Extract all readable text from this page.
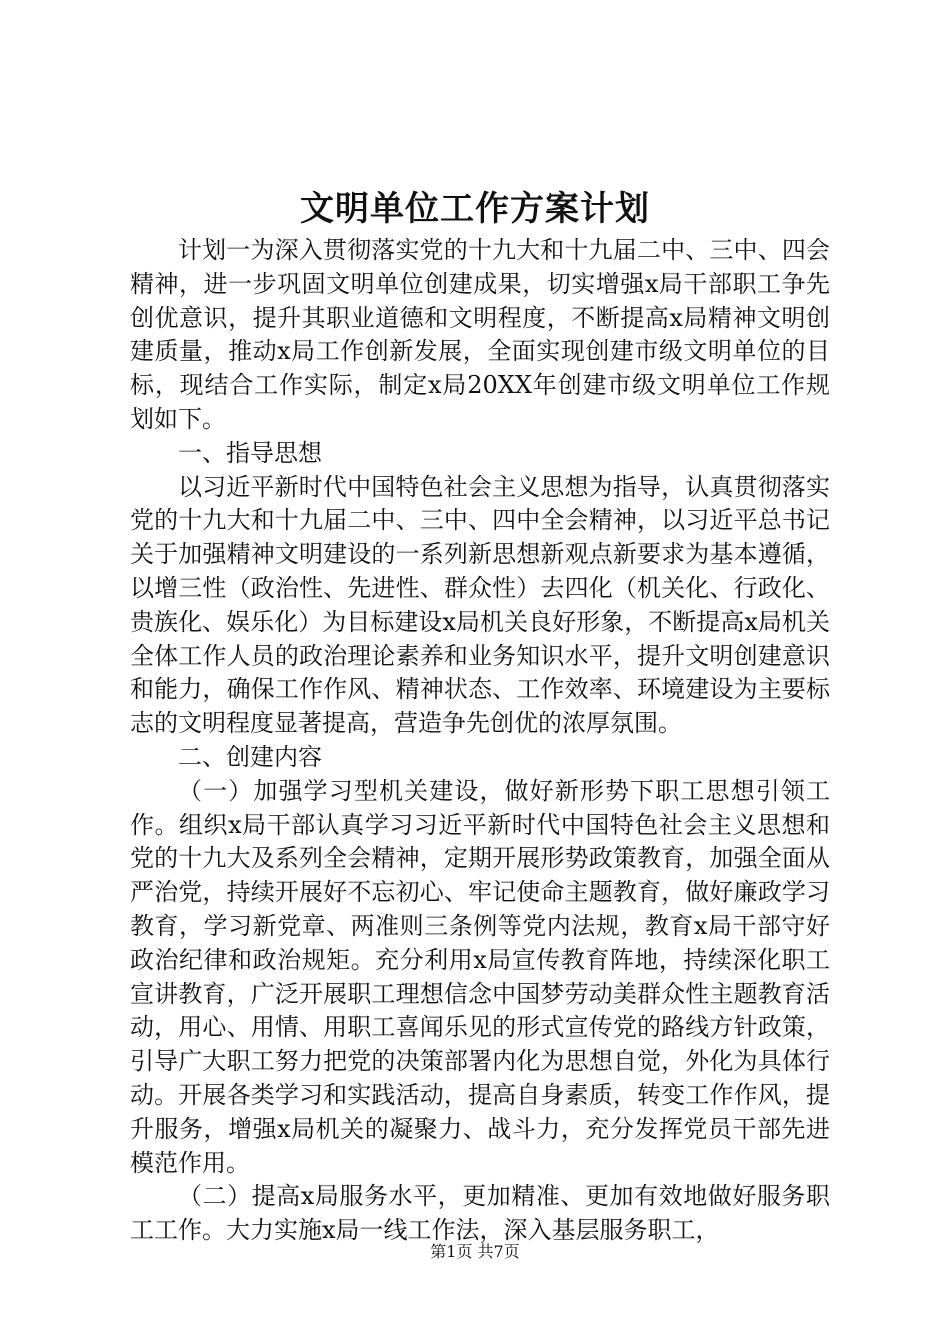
文明单位工作方案计划

计划一为深入贯彻落实党的十九大和十九届二中、三中、四会精神，进一步巩固文明单位创建成果，切实增强x局干部职工争先创优意识，提升其职业道德和文明程度，不断提高x局精神文明创建质量，推动x局工作创新发展，全面实现创建市级文明单位的目标，现结合工作实际，制定x局20XX年创建市级文明单位工作规划如下。

一、指导思想

以习近平新时代中国特色社会主义思想为指导，认真贯彻落实党的十九大和十九届二中、三中、四中全会精神，以习近平总书记关于加强精神文明建设的一系列新思想新观点新要求为基本遵循，以增三性（政治性、先进性、群众性）去四化（机关化、行政化、贵族化、娱乐化）为目标建设x局机关良好形象，不断提高x局机关全体工作人员的政治理论素养和业务知识水平，提升文明创建意识和能力，确保工作作风、精神状态、工作效率、环境建设为主要标志的文明程度显著提高，营造争先创优的浓厚氛围。

二、创建内容

（一）加强学习型机关建设，做好新形势下职工思想引领工作。组织x局干部认真学习习近平新时代中国特色社会主义思想和党的十九大及系列全会精神，定期开展形势政策教育，加强全面从严治党，持续开展好不忘初心、牢记使命主题教育，做好廉政学习教育，学习新党章、两准则三条例等党内法规，教育x局干部守好政治纪律和政治规矩。充分利用x局宣传教育阵地，持续深化职工宣讲教育，广泛开展职工理想信念中国梦劳动美群众性主题教育活动，用心、用情、用职工喜闻乐见的形式宣传党的路线方针政策，引导广大职工努力把党的决策部署内化为思想自觉，外化为具体行动。开展各类学习和实践活动，提高自身素质，转变工作作风，提升服务，增强x局机关的凝聚力、战斗力，充分发挥党员干部先进模范作用。

（二）提高x局服务水平，更加精准、更加有效地做好服务职工工作。大力实施x局一线工作法，深入基层服务职工，

第1页 共7页
